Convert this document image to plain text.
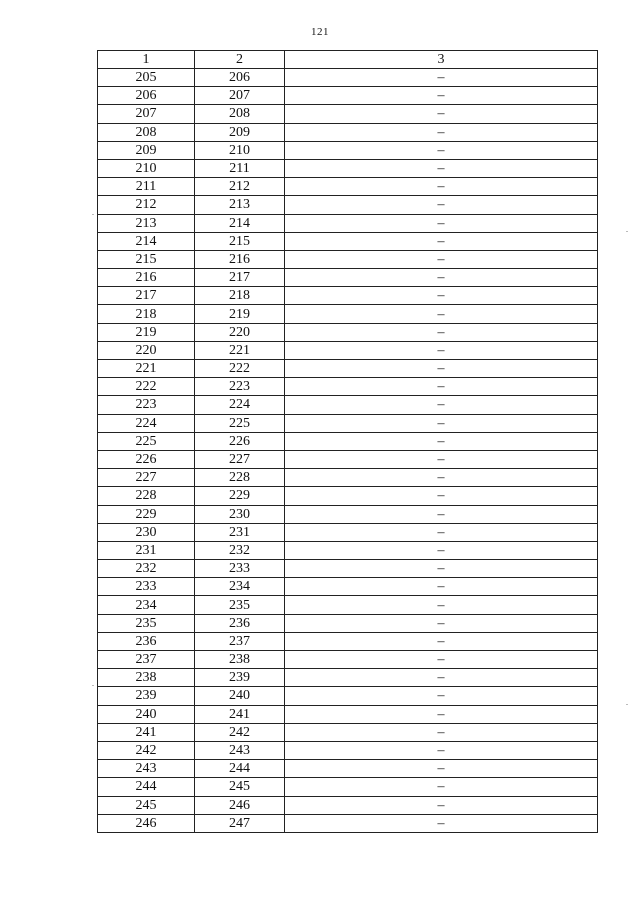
121
1	2	3
205	206	–
206	207	–
207	208	–
208	209	–
209	210	–
210	211	–
211	212	–
212	213	–
213	214	–
214	215	–
215	216	–
216	217	–
217	218	–
218	219	–
219	220	–
220	221	–
221	222	–
222	223	–
223	224	–
224	225	–
225	226	–
226	227	–
227	228	–
228	229	–
229	230	–
230	231	–
231	232	–
232	233	–
233	234	–
234	235	–
235	236	–
236	237	–
237	238	–
238	239	–
239	240	–
240	241	–
241	242	–
242	243	–
243	244	–
244	245	–
245	246	–
246	247	–
